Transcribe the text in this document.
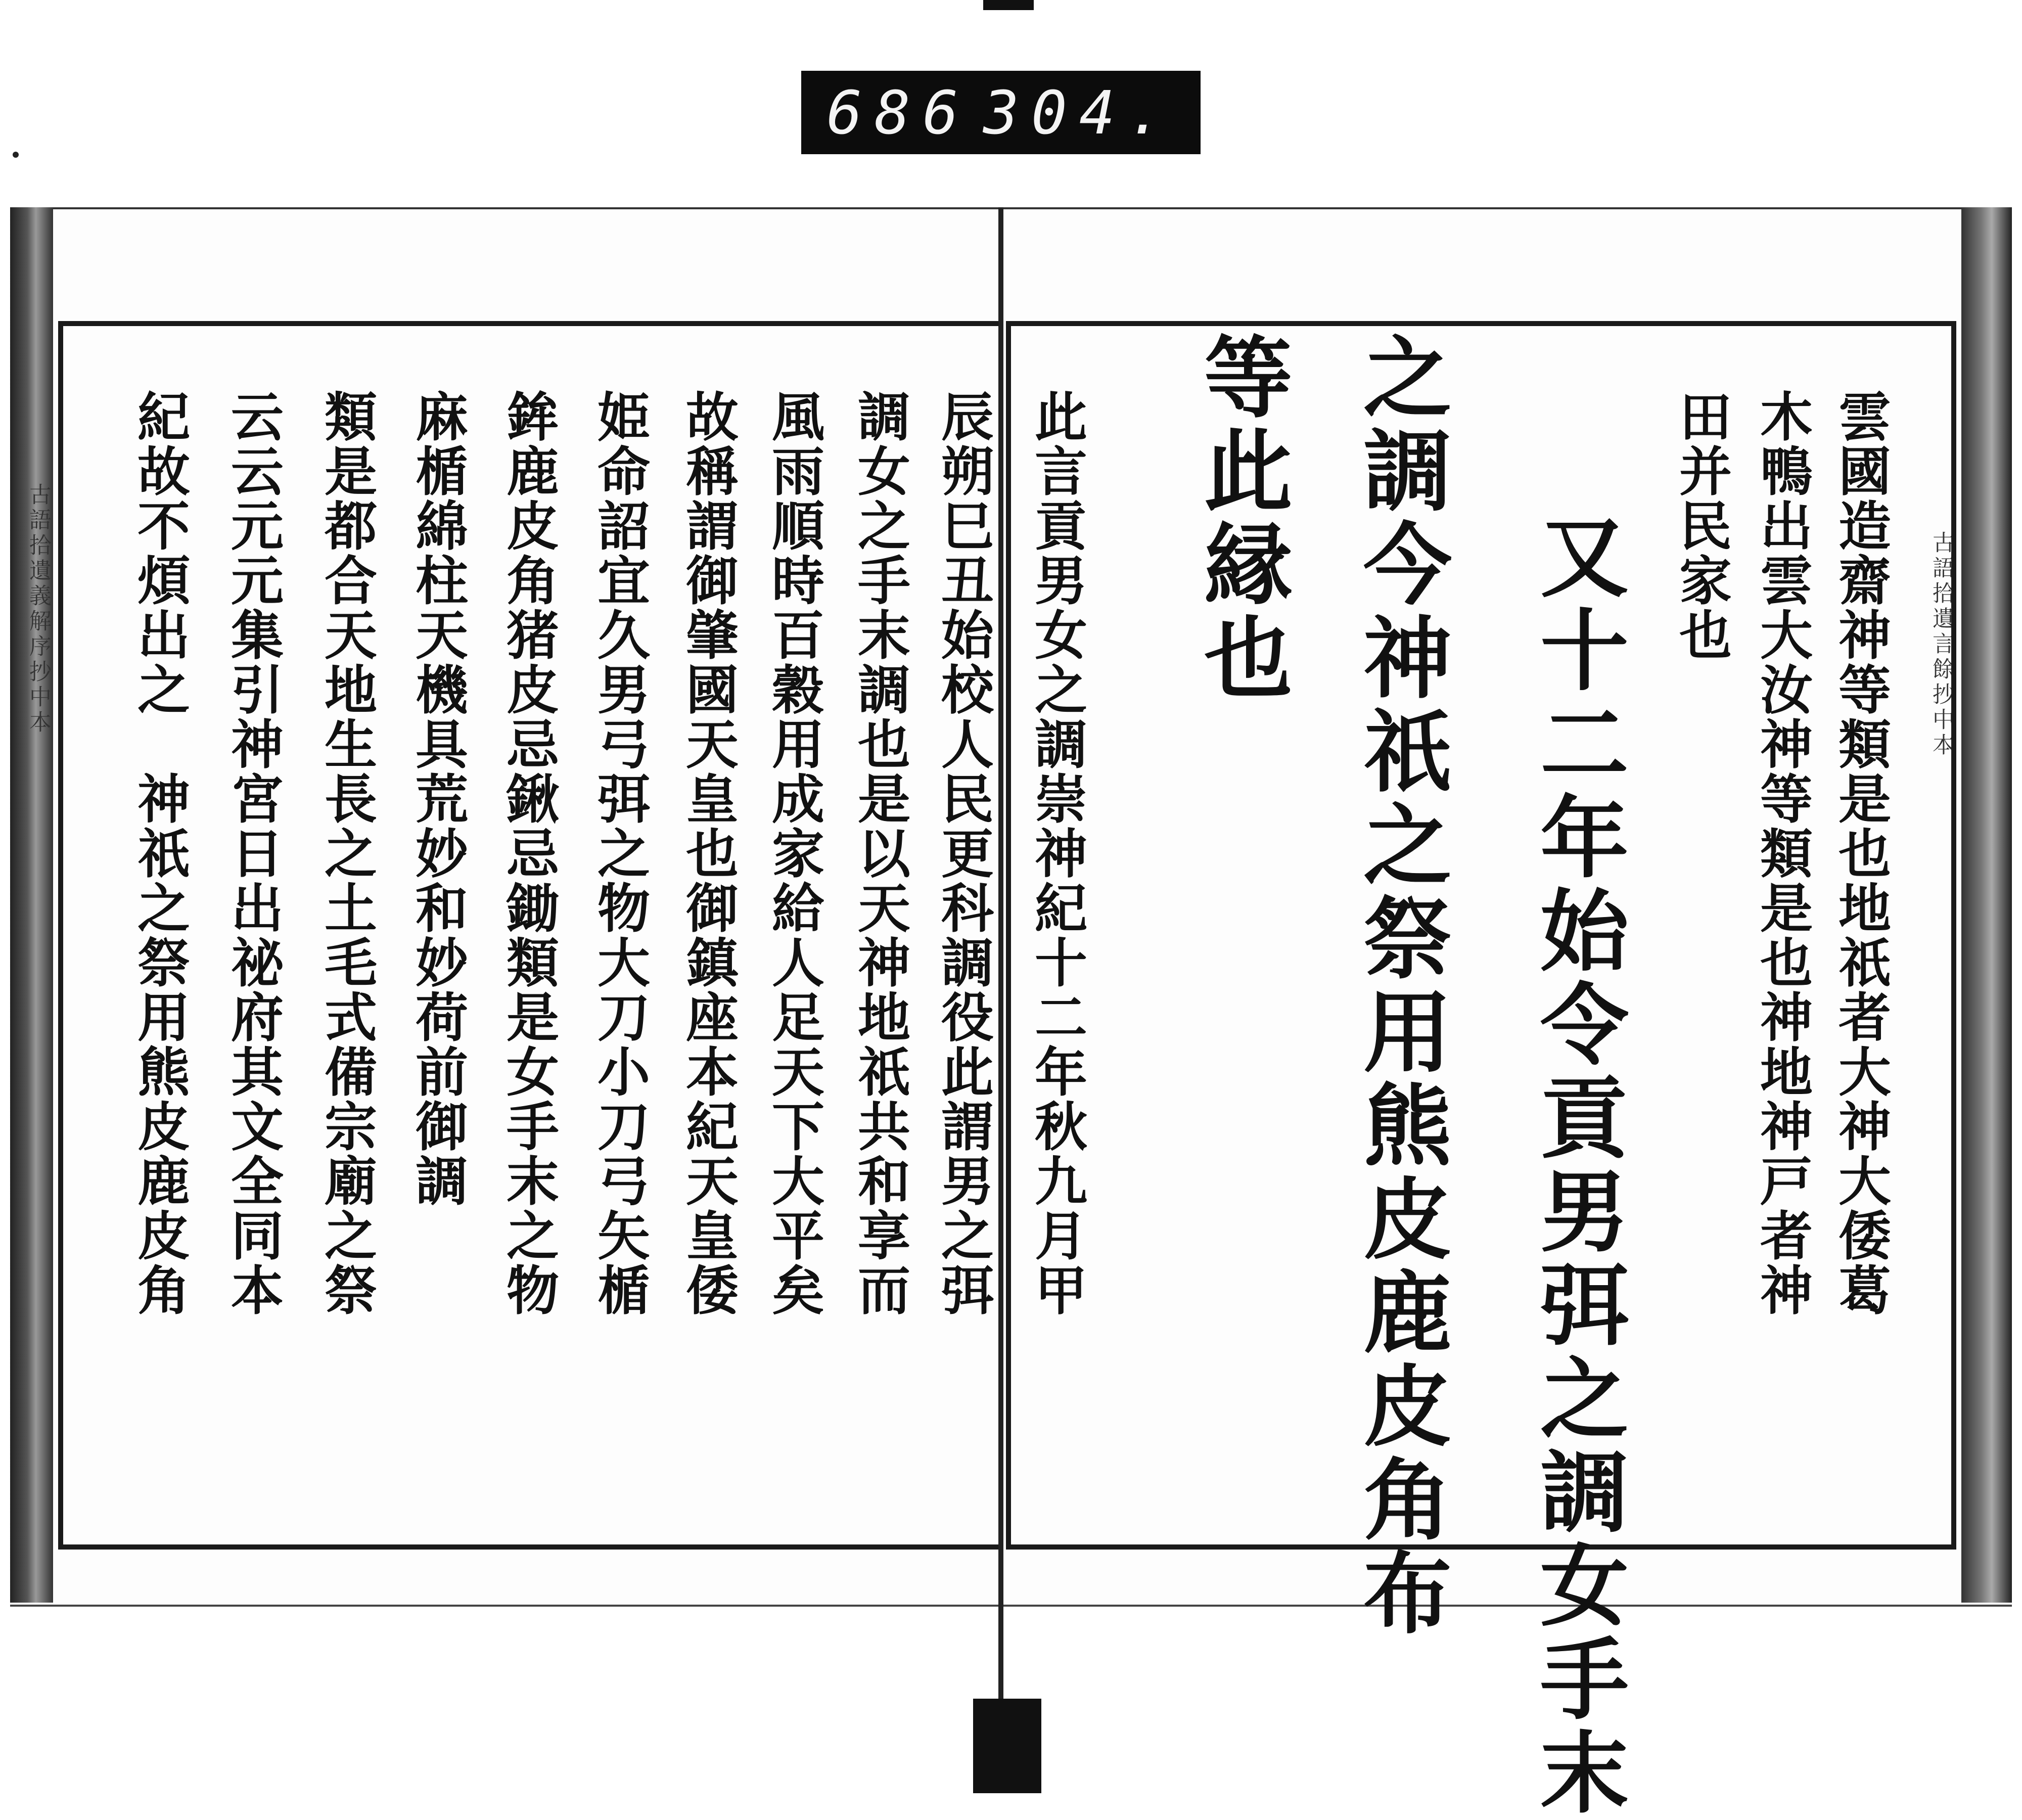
686 304.
古語拾遺義解序抄中本	古語拾遺言餘抄中本
雲國造齋神等類是也地祇者大神大倭葛
木鴨出雲大汝神等類是也神地神戸者神
田并民家也
又十二年始令貢男弭之調女手末
之調今神祇之祭用熊皮鹿皮角布
等此縁也
此言貢男女之調崇神紀十二年秋九月甲
辰朔巳丑始校人民更科調役此謂男之弭
調女之手末調也是以天神地祇共和享而
風雨順時百穀用成家給人足天下大平矣
故稱謂御肇國天皇也御鎮座本紀天皇倭
姫命詔宜久男弓弭之物大刀小刀弓矢楯
鉾鹿皮角猪皮忌鍬忌鋤類是女手末之物
麻楯綿柱天機具荒妙和妙荷前御調
類是都合天地生長之土毛式備宗廟之祭
云云元元集引神宮日出祕府其文全同本
紀故不煩出之　神祇之祭用熊皮鹿皮角
